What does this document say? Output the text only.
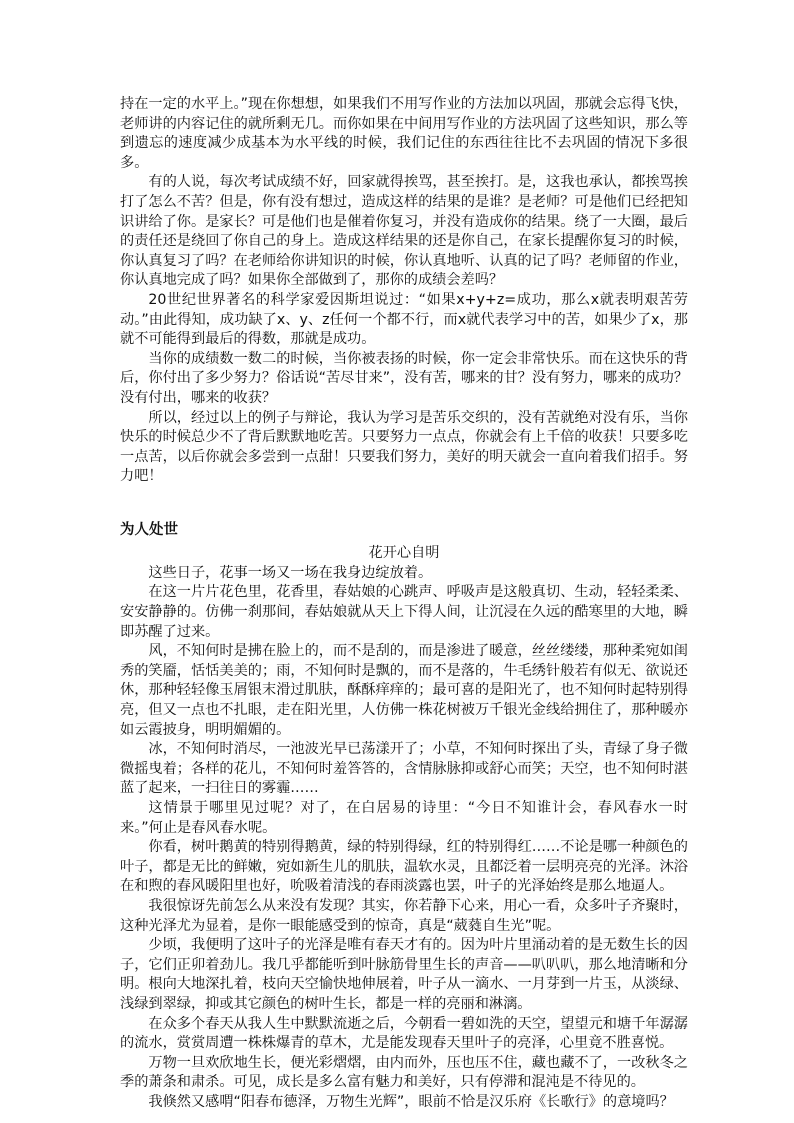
持在一定的水平上。”现在你想想，如果我们不用写作业的方法加以巩固，那就会忘得飞快，老师讲的内容记住的就所剩无几。而你如果在中间用写作业的方法巩固了这些知识，那么等到遗忘的速度减少成基本为水平线的时候，我们记住的东西往往比不去巩固的情况下多很多。

有的人说，每次考试成绩不好，回家就得挨骂，甚至挨打。是，这我也承认，都挨骂挨打了怎么不苦？但是，你有没有想过，造成这样的结果的是谁？是老师？可是他们已经把知识讲给了你。是家长？可是他们也是催着你复习，并没有造成你的结果。绕了一大圈，最后的责任还是绕回了你自己的身上。造成这样结果的还是你自己，在家长提醒你复习的时候，你认真复习了吗？在老师给你讲知识的时候，你认真地听、认真的记了吗？老师留的作业，你认真地完成了吗？如果你全部做到了，那你的成绩会差吗？

20世纪世界著名的科学家爱因斯坦说过：“如果x+y+z=成功，那么x就表明艰苦劳动。”由此得知，成功缺了x、y、z任何一个都不行，而x就代表学习中的苦，如果少了x，那就不可能得到最后的得数，那就是成功。

当你的成绩数一数二的时候，当你被表扬的时候，你一定会非常快乐。而在这快乐的背后，你付出了多少努力？俗话说“苦尽甘来”，没有苦，哪来的甘？没有努力，哪来的成功？没有付出，哪来的收获？

所以，经过以上的例子与辩论，我认为学习是苦乐交织的，没有苦就绝对没有乐，当你快乐的时候总少不了背后默默地吃苦。只要努力一点点，你就会有上千倍的收获！只要多吃一点苦，以后你就会多尝到一点甜！只要我们努力，美好的明天就会一直向着我们招手。努力吧！

为人处世
花开心自明

这些日子，花事一场又一场在我身边绽放着。

在这一片片花色里，花香里，春姑娘的心跳声、呼吸声是这般真切、生动，轻轻柔柔、安安静静的。仿佛一刹那间，春姑娘就从天上下得人间，让沉浸在久远的酷寒里的大地，瞬即苏醒了过来。

风，不知何时是拂在脸上的，而不是刮的，而是渗进了暖意，丝丝缕缕，那种柔宛如闺秀的笑靥，恬恬美美的；雨，不知何时是飘的，而不是落的，牛毛绣针般若有似无、欲说还休，那种轻轻像玉屑银末滑过肌肤，酥酥痒痒的；最可喜的是阳光了，也不知何时起特别得亮，但又一点也不扎眼，走在阳光里，人仿佛一株花树被万千银光金线给拥住了，那种暖亦如云霞披身，明明媚媚的。

冰，不知何时消尽，一池波光早已荡漾开了；小草，不知何时探出了头，青绿了身子微微摇曳着；各样的花儿，不知何时羞答答的，含情脉脉抑或舒心而笑；天空，也不知何时湛蓝了起来，一扫往日的雾霾……

这情景于哪里见过呢？对了，在白居易的诗里：“今日不知谁计会，春风春水一时来。”何止是春风春水呢。

你看，树叶鹅黄的特别得鹅黄，绿的特别得绿，红的特别得红……不论是哪一种颜色的叶子，都是无比的鲜嫩，宛如新生儿的肌肤，温软水灵，且都泛着一层明亮亮的光泽。沐浴在和煦的春风暖阳里也好，吮吸着清浅的春雨淡露也罢，叶子的光泽始终是那么地逼人。

我很惊讶先前怎么从来没有发现？其实，你若静下心来，用心一看，众多叶子齐聚时，这种光泽尤为显着，是你一眼能感受到的惊奇，真是“葳蕤自生光”呢。

少顷，我便明了这叶子的光泽是唯有春天才有的。因为叶片里涌动着的是无数生长的因子，它们正卯着劲儿。我几乎都能听到叶脉筋骨里生长的声音——叭叭叭，那么地清晰和分明。根向大地深扎着，枝向天空愉快地伸展着，叶子从一滴水、一月芽到一片玉，从淡绿、浅绿到翠绿，抑或其它颜色的树叶生长，都是一样的亮丽和淋漓。

在众多个春天从我人生中默默流逝之后，今朝看一碧如洗的天空，望望元和塘千年潺潺的流水，赏赏周遭一株株爆青的草木，尤是能发现春天里叶子的亮泽，心里竟不胜喜悦。

万物一旦欢欣地生长，便光彩熠熠，由内而外，压也压不住，藏也藏不了，一改秋冬之季的萧条和肃杀。可见，成长是多么富有魅力和美好，只有停滞和混沌是不待见的。

我倏然又感喟“阳春布德泽，万物生光辉”，眼前不恰是汉乐府《长歌行》的意境吗？
